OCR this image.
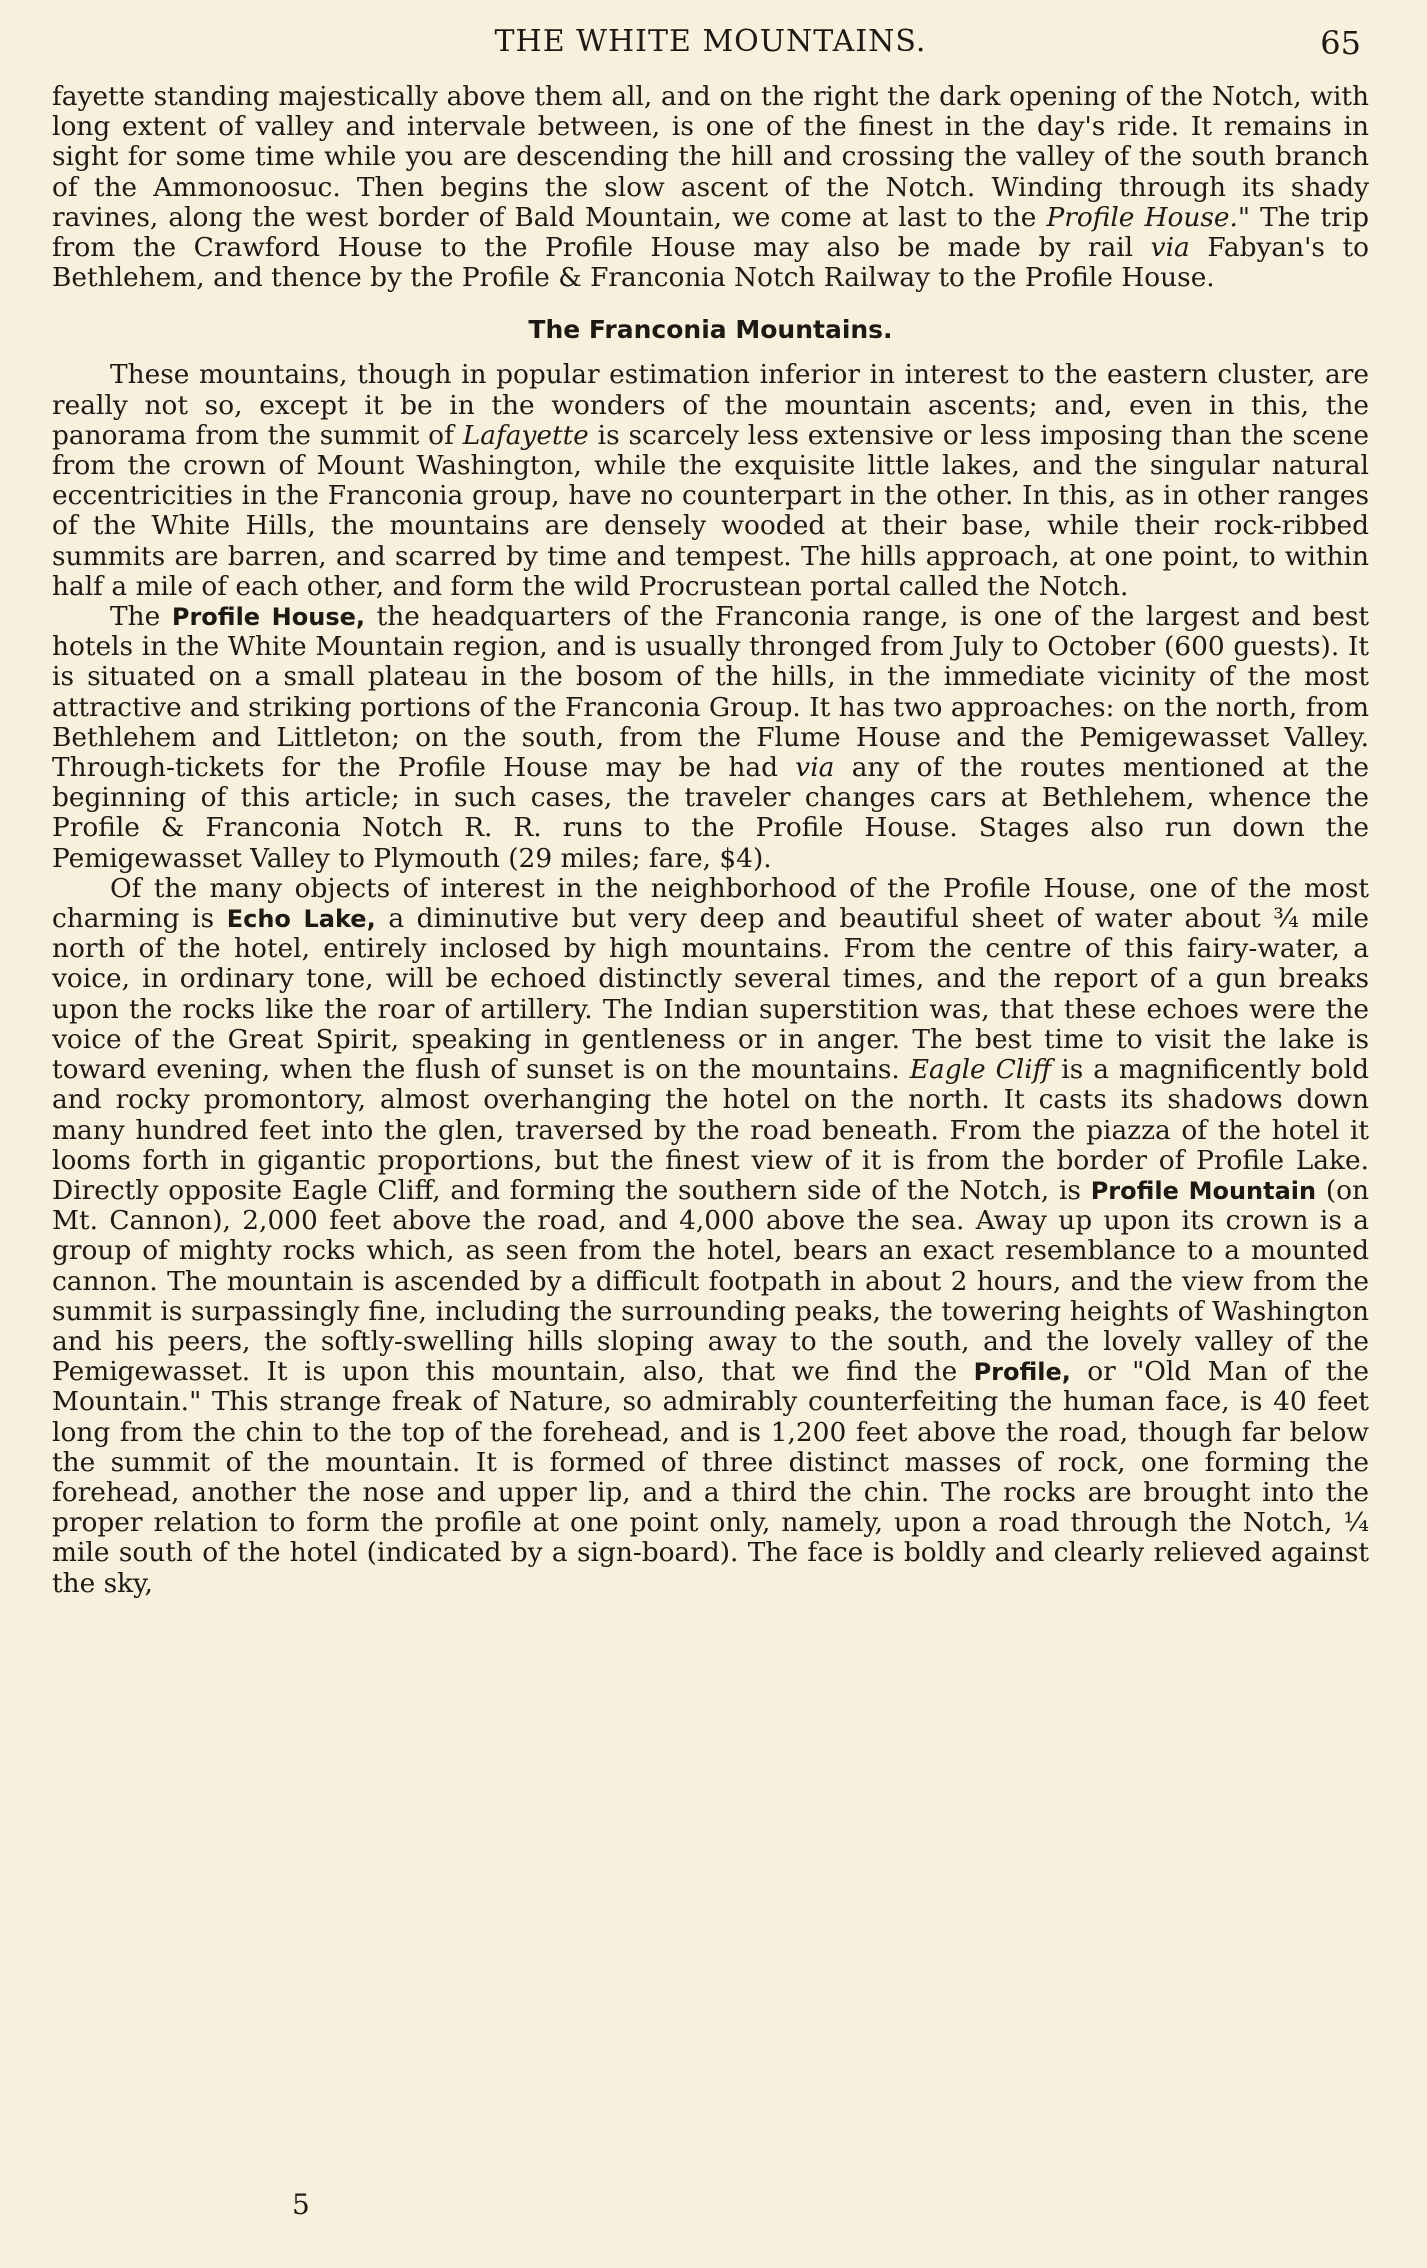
THE WHITE MOUNTAINS.	65

fayette standing majestically above them all, and on the right the dark opening of the Notch, with long extent of valley and intervale between, is one of the finest in the day's ride. It remains in sight for some time while you are descending the hill and crossing the valley of the south branch of the Ammonoosuc. Then begins the slow ascent of the Notch. Winding through its shady ravines, along the west border of Bald Mountain, we come at last to the Profile House." The trip from the Crawford House to the Profile House may also be made by rail via Fabyan's to Bethlehem, and thence by the Profile & Franconia Notch Railway to the Profile House.

The Franconia Mountains.

These mountains, though in popular estimation inferior in interest to the eastern cluster, are really not so, except it be in the wonders of the mountain ascents; and, even in this, the panorama from the summit of Lafayette is scarcely less extensive or less imposing than the scene from the crown of Mount Washington, while the exquisite little lakes, and the singular natural eccentricities in the Franconia group, have no counterpart in the other. In this, as in other ranges of the White Hills, the mountains are densely wooded at their base, while their rock-ribbed summits are barren, and scarred by time and tempest. The hills approach, at one point, to within half a mile of each other, and form the wild Procrustean portal called the Notch.

The Profile House, the headquarters of the Franconia range, is one of the largest and best hotels in the White Mountain region, and is usually thronged from July to October (600 guests). It is situated on a small plateau in the bosom of the hills, in the immediate vicinity of the most attractive and striking portions of the Franconia Group. It has two approaches: on the north, from Bethlehem and Littleton; on the south, from the Flume House and the Pemigewasset Valley. Through-tickets for the Profile House may be had via any of the routes mentioned at the beginning of this article; in such cases, the traveler changes cars at Bethlehem, whence the Profile & Franconia Notch R. R. runs to the Profile House. Stages also run down the Pemigewasset Valley to Plymouth (29 miles; fare, $4).

Of the many objects of interest in the neighborhood of the Profile House, one of the most charming is Echo Lake, a diminutive but very deep and beautiful sheet of water about ¾ mile north of the hotel, entirely inclosed by high mountains. From the centre of this fairy-water, a voice, in ordinary tone, will be echoed distinctly several times, and the report of a gun breaks upon the rocks like the roar of artillery. The Indian superstition was, that these echoes were the voice of the Great Spirit, speaking in gentleness or in anger. The best time to visit the lake is toward evening, when the flush of sunset is on the mountains. Eagle Cliff is a magnificently bold and rocky promontory, almost overhanging the hotel on the north. It casts its shadows down many hundred feet into the glen, traversed by the road beneath. From the piazza of the hotel it looms forth in gigantic proportions, but the finest view of it is from the border of Profile Lake. Directly opposite Eagle Cliff, and forming the southern side of the Notch, is Profile Mountain (on Mt. Cannon), 2,000 feet above the road, and 4,000 above the sea. Away up upon its crown is a group of mighty rocks which, as seen from the hotel, bears an exact resemblance to a mounted cannon. The mountain is ascended by a difficult footpath in about 2 hours, and the view from the summit is surpassingly fine, including the surrounding peaks, the towering heights of Washington and his peers, the softly-swelling hills sloping away to the south, and the lovely valley of the Pemigewasset. It is upon this mountain, also, that we find the Profile, or "Old Man of the Mountain." This strange freak of Nature, so admirably counterfeiting the human face, is 40 feet long from the chin to the top of the forehead, and is 1,200 feet above the road, though far below the summit of the mountain. It is formed of three distinct masses of rock, one forming the forehead, another the nose and upper lip, and a third the chin. The rocks are brought into the proper relation to form the profile at one point only, namely, upon a road through the Notch, ¼ mile south of the hotel (indicated by a sign-board). The face is boldly and clearly relieved against the sky,

5
